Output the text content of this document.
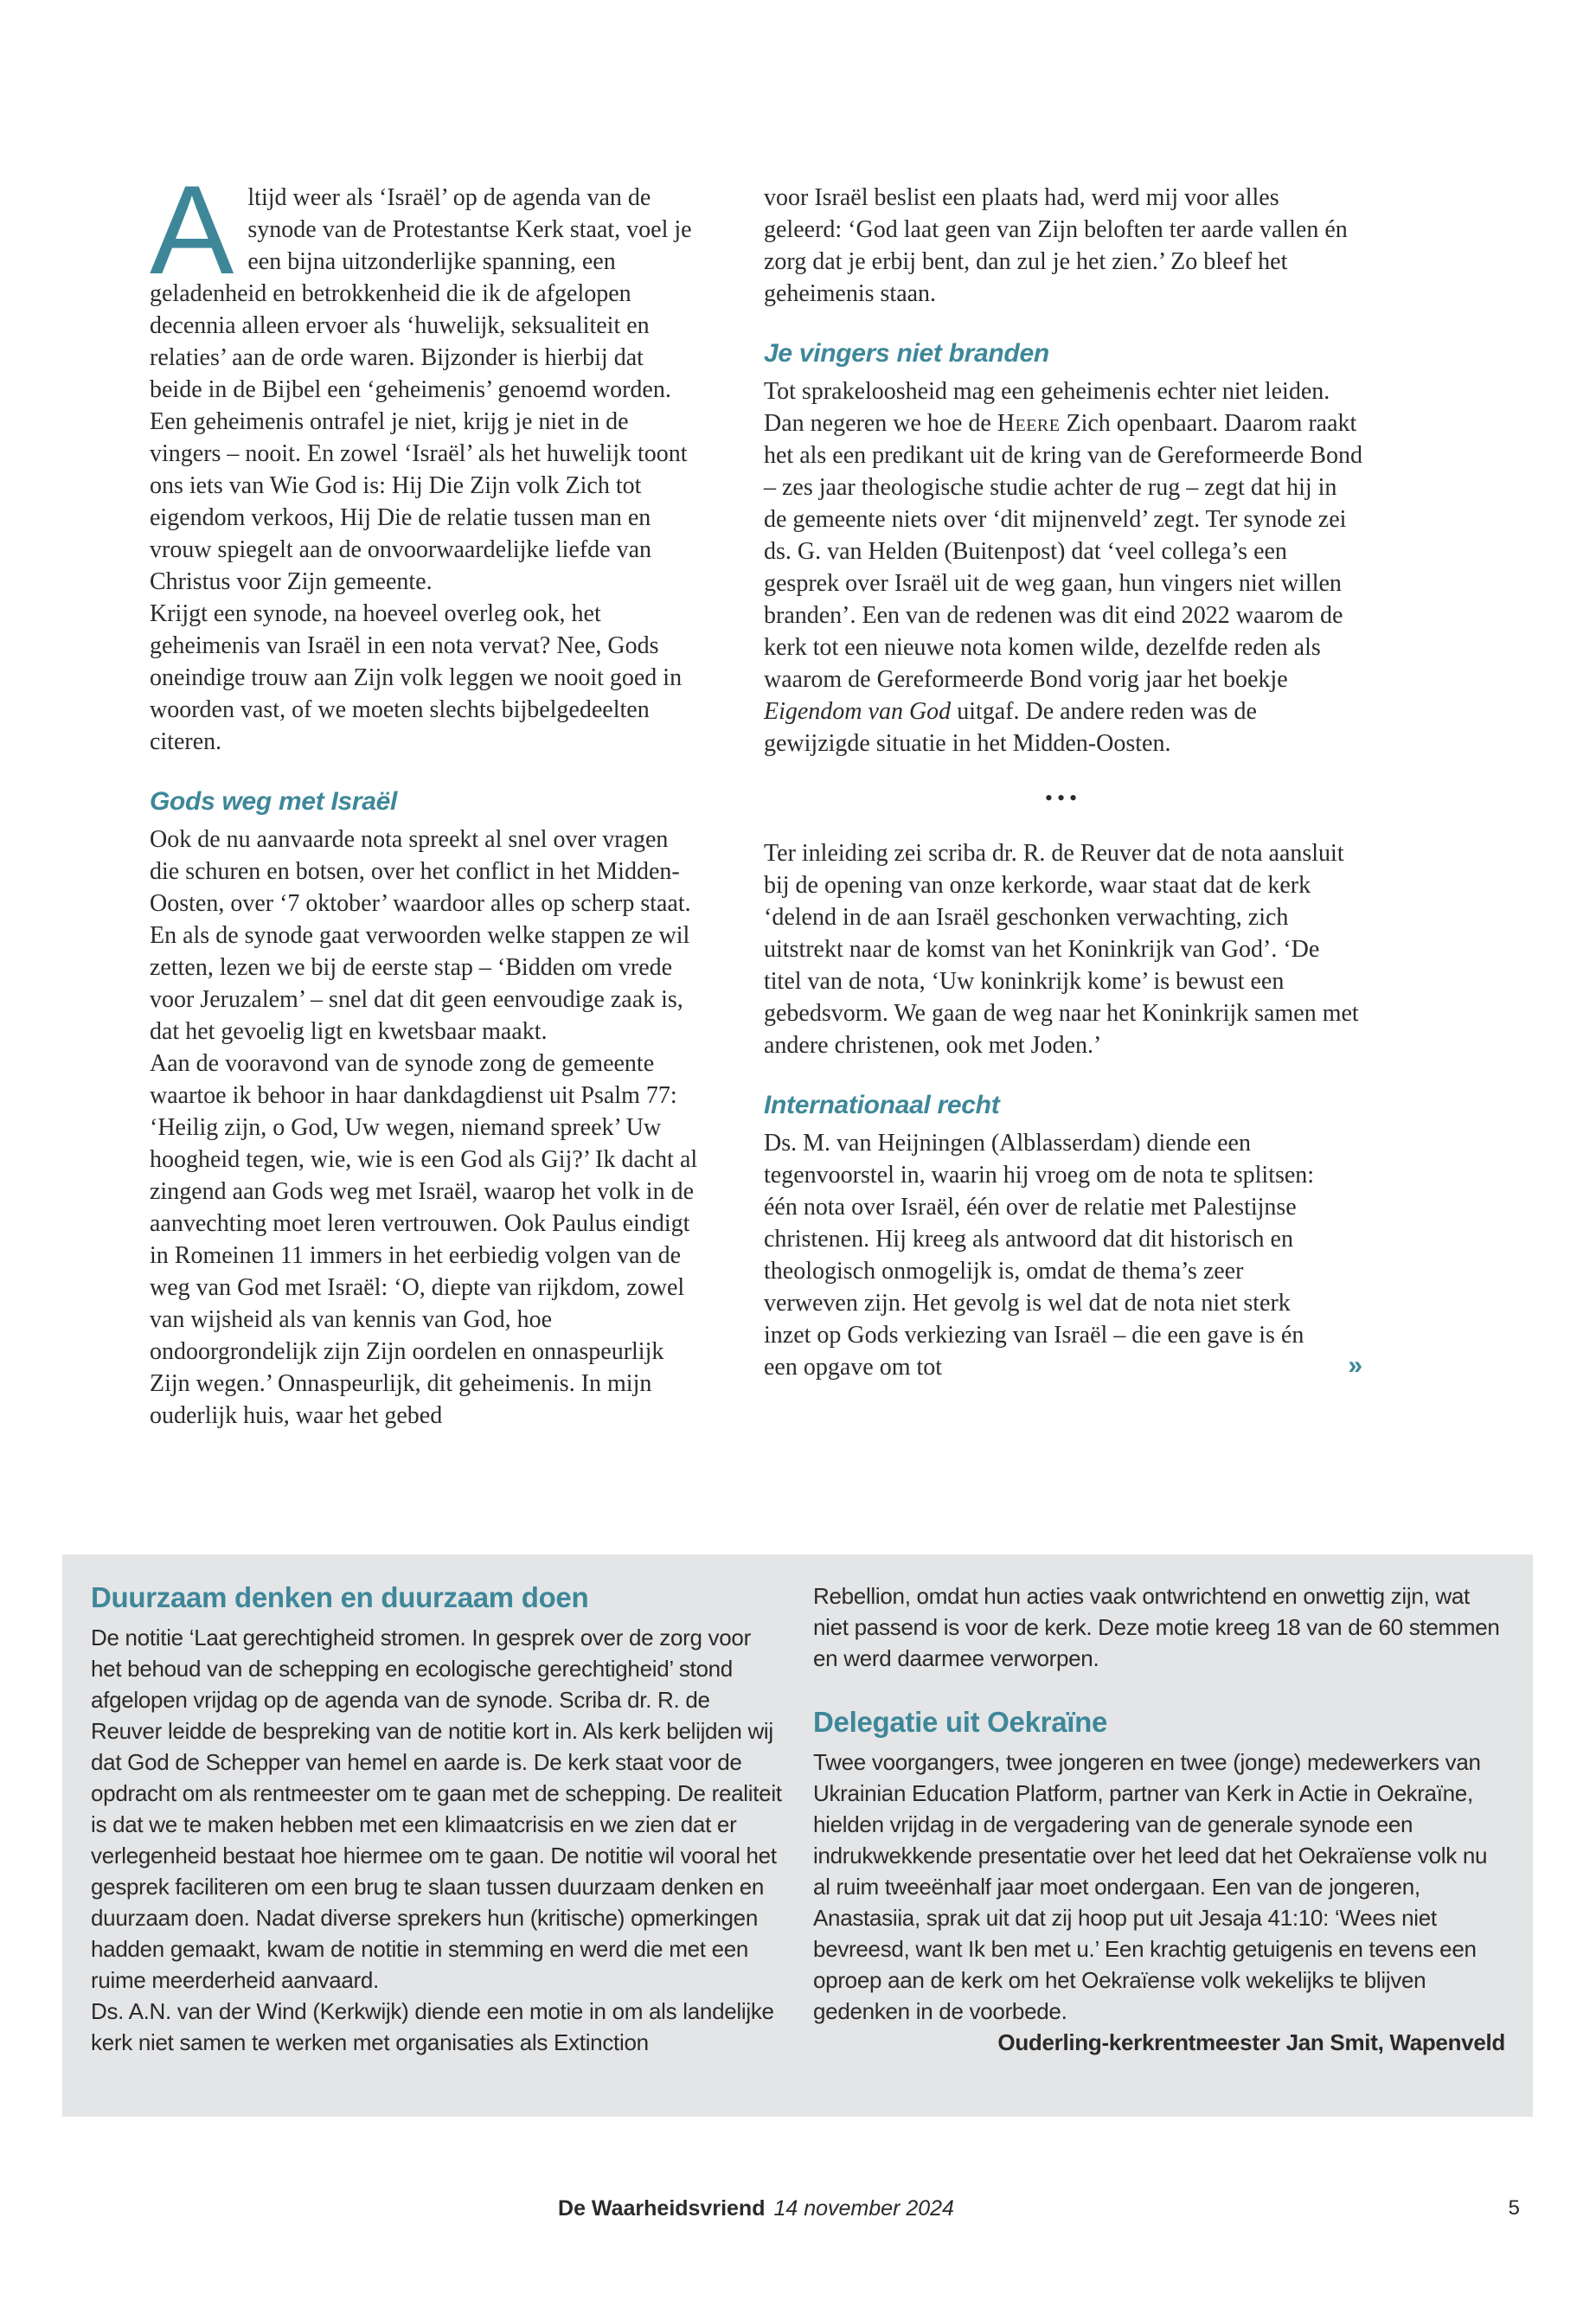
Altijd weer als ‘Israël’ op de agenda van de synode van de Protestantse Kerk staat, voel je een bijna uitzonderlijke spanning, een geladenheid en betrokkenheid die ik de afgelopen decennia alleen ervoer als ‘huwelijk, seksualiteit en relaties’ aan de orde waren. Bijzonder is hierbij dat beide in de Bijbel een ‘geheimenis’ genoemd worden. Een geheimenis ontrafel je niet, krijg je niet in de vingers – nooit. En zowel ‘Israël’ als het huwelijk toont ons iets van Wie God is: Hij Die Zijn volk Zich tot eigendom verkoos, Hij Die de relatie tussen man en vrouw spiegelt aan de onvoorwaardelijke liefde van Christus voor Zijn gemeente.

Krijgt een synode, na hoeveel overleg ook, het geheimenis van Israël in een nota vervat? Nee, Gods oneindige trouw aan Zijn volk leggen we nooit goed in woorden vast, of we moeten slechts bijbelgedeelten citeren.

Gods weg met Israël

Ook de nu aanvaarde nota spreekt al snel over vragen die schuren en botsen, over het conflict in het Midden-Oosten, over ‘7 oktober’ waardoor alles op scherp staat. En als de synode gaat verwoorden welke stappen ze wil zetten, lezen we bij de eerste stap – ‘Bidden om vrede voor Jeruzalem’ – snel dat dit geen eenvoudige zaak is, dat het gevoelig ligt en kwetsbaar maakt.

Aan de vooravond van de synode zong de gemeente waartoe ik behoor in haar dankdagdienst uit Psalm 77: ‘Heilig zijn, o God, Uw wegen, niemand spreek’ Uw hoogheid tegen, wie, wie is een God als Gij?’ Ik dacht al zingend aan Gods weg met Israël, waarop het volk in de aanvechting moet leren vertrouwen. Ook Paulus eindigt in Romeinen 11 immers in het eerbiedig volgen van de weg van God met Israël: ‘O, diepte van rijkdom, zowel van wijsheid als van kennis van God, hoe ondoorgrondelijk zijn Zijn oordelen en onnaspeurlijk Zijn wegen.’ Onnaspeurlijk, dit geheimenis. In mijn ouderlijk huis, waar het gebed

voor Israël beslist een plaats had, werd mij voor alles geleerd: ‘God laat geen van Zijn beloften ter aarde vallen én zorg dat je erbij bent, dan zul je het zien.’ Zo bleef het geheimenis staan.

Je vingers niet branden

Tot sprakeloosheid mag een geheimenis echter niet leiden. Dan negeren we hoe de Heere Zich openbaart. Daarom raakt het als een predikant uit de kring van de Gereformeerde Bond – zes jaar theologische studie achter de rug – zegt dat hij in de gemeente niets over ‘dit mijnenveld’ zegt. Ter synode zei ds. G. van Helden (Buitenpost) dat ‘veel collega’s een gesprek over Israël uit de weg gaan, hun vingers niet willen branden’. Een van de redenen was dit eind 2022 waarom de kerk tot een nieuwe nota komen wilde, dezelfde reden als waarom de Gereformeerde Bond vorig jaar het boekje Eigendom van God uitgaf. De andere reden was de gewijzigde situatie in het Midden-Oosten.

•••

Ter inleiding zei scriba dr. R. de Reuver dat de nota aansluit bij de opening van onze kerkorde, waar staat dat de kerk ‘delend in de aan Israël geschonken verwachting, zich uitstrekt naar de komst van het Koninkrijk van God’. ‘De titel van de nota, ‘Uw koninkrijk kome’ is bewust een gebedsvorm. We gaan de weg naar het Koninkrijk samen met andere christenen, ook met Joden.’

Internationaal recht

Ds. M. van Heijningen (Alblasserdam) diende een tegenvoorstel in, waarin hij vroeg om de nota te splitsen: één nota over Israël, één over de relatie met Palestijnse christenen. Hij kreeg als antwoord dat dit historisch en theologisch onmogelijk is, omdat de thema’s zeer verweven zijn. Het gevolg is wel dat de nota niet sterk inzet op Gods verkiezing van Israël – die een gave is én een opgave om tot	»

Duurzaam denken en duurzaam doen

De notitie ‘Laat gerechtigheid stromen. In gesprek over de zorg voor het behoud van de schepping en ecologische gerechtigheid’ stond afgelopen vrijdag op de agenda van de synode. Scriba dr. R. de Reuver leidde de bespreking van de notitie kort in. Als kerk belijden wij dat God de Schepper van hemel en aarde is. De kerk staat voor de opdracht om als rentmeester om te gaan met de schepping. De realiteit is dat we te maken hebben met een klimaatcrisis en we zien dat er verlegenheid bestaat hoe hiermee om te gaan. De notitie wil vooral het gesprek faciliteren om een brug te slaan tussen duurzaam denken en duurzaam doen. Nadat diverse sprekers hun (kritische) opmerkingen hadden gemaakt, kwam de notitie in stemming en werd die met een ruime meerderheid aanvaard.

Ds. A.N. van der Wind (Kerkwijk) diende een motie in om als landelijke kerk niet samen te werken met organisaties als Extinction

Rebellion, omdat hun acties vaak ontwrichtend en onwettig zijn, wat niet passend is voor de kerk. Deze motie kreeg 18 van de 60 stemmen en werd daarmee verworpen.

Delegatie uit Oekraïne

Twee voorgangers, twee jongeren en twee (jonge) medewerkers van Ukrainian Education Platform, partner van Kerk in Actie in Oekraïne, hielden vrijdag in de vergadering van de generale synode een indrukwekkende presentatie over het leed dat het Oekraïense volk nu al ruim tweeënhalf jaar moet ondergaan. Een van de jongeren, Anastasiia, sprak uit dat zij hoop put uit Jesaja 41:10: ‘Wees niet bevreesd, want Ik ben met u.’ Een krachtig getuigenis en tevens een oproep aan de kerk om het Oekraïense volk wekelijks te blijven gedenken in de voorbede.

Ouderling-kerkrentmeester Jan Smit, Wapenveld

De Waarheidsvriend 14 november 2024	5
